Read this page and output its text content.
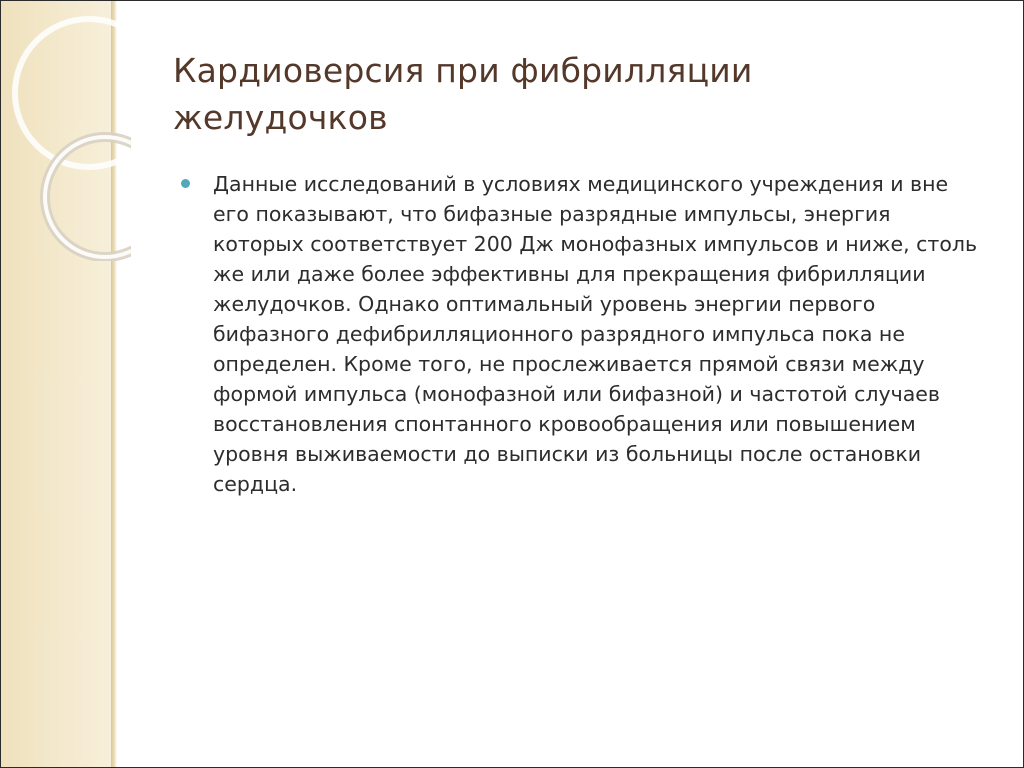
Кардиоверсия при фибрилляции желудочков

Данные исследований в условиях медицинского учреждения и вне его показывают, что бифазные разрядные импульсы, энергия которых соответствует 200 Дж монофазных импульсов и ниже, столь же или даже более эффективны для прекращения фибрилляции желудочков. Однако оптимальный уровень энергии первого бифазного дефибрилляционного разрядного импульса пока не определен. Кроме того, не прослеживается прямой связи между формой импульса (монофазной или бифазной) и частотой случаев восстановления спонтанного кровообращения или повышением уровня выживаемости до выписки из больницы после остановки сердца.
